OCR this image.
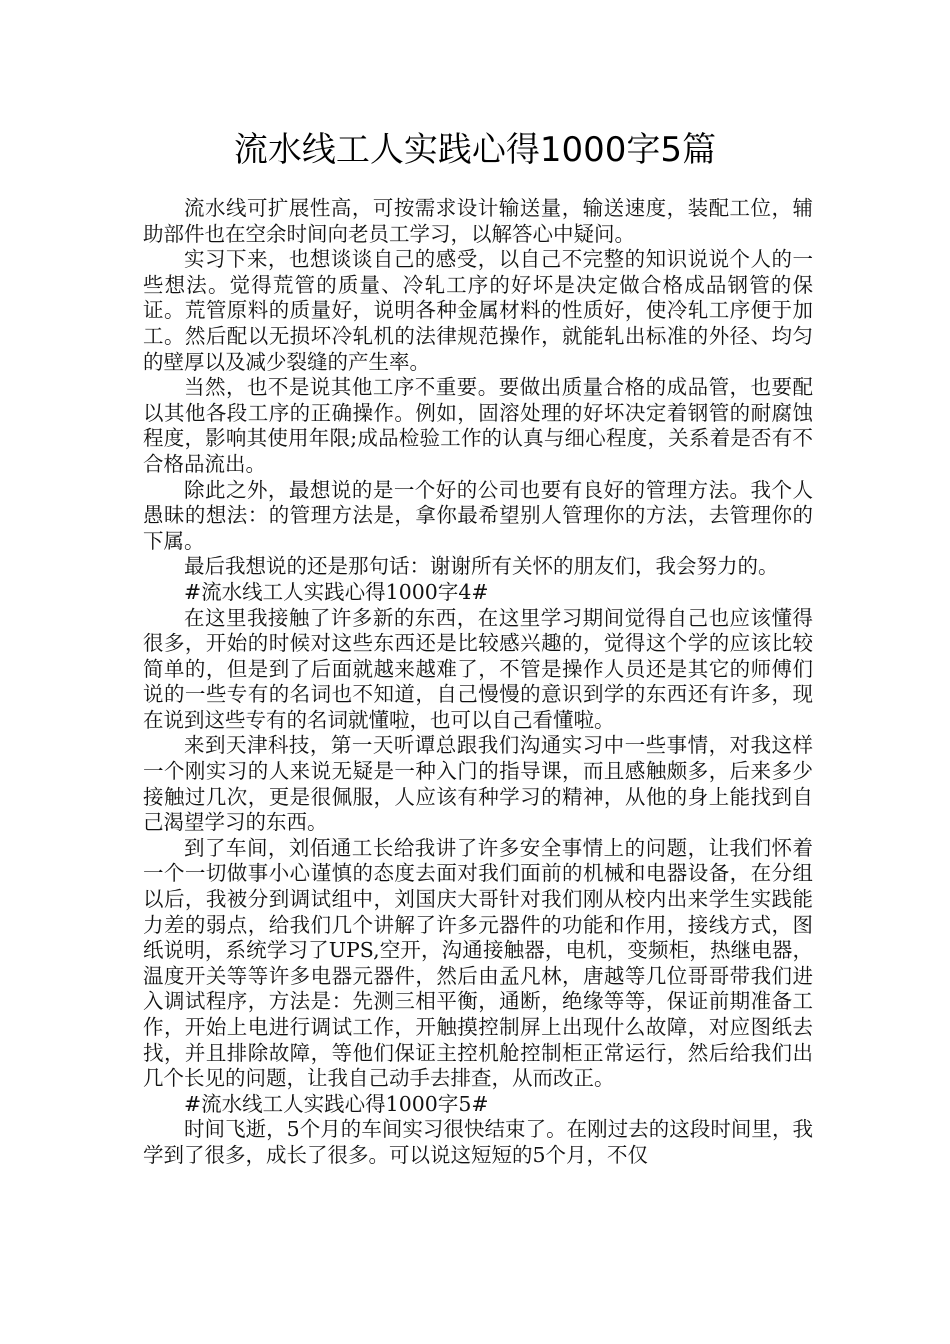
流水线工人实践心得1000字5篇

流水线可扩展性高，可按需求设计输送量，输送速度，装配工位，辅助部件也在空余时间向老员工学习，以解答心中疑问。

实习下来，也想谈谈自己的感受，以自己不完整的知识说说个人的一些想法。觉得荒管的质量、冷轧工序的好坏是决定做合格成品钢管的保证。荒管原料的质量好，说明各种金属材料的性质好，使冷轧工序便于加工。然后配以无损坏冷轧机的法律规范操作，就能轧出标准的外径、均匀的壁厚以及减少裂缝的产生率。

当然，也不是说其他工序不重要。要做出质量合格的成品管，也要配以其他各段工序的正确操作。例如，固溶处理的好坏决定着钢管的耐腐蚀程度，影响其使用年限;成品检验工作的认真与细心程度，关系着是否有不合格品流出。

除此之外，最想说的是一个好的公司也要有良好的管理方法。我个人愚昧的想法：的管理方法是，拿你最希望别人管理你的方法，去管理你的下属。

最后我想说的还是那句话：谢谢所有关怀的朋友们，我会努力的。

#流水线工人实践心得1000字4#

在这里我接触了许多新的东西，在这里学习期间觉得自己也应该懂得很多，开始的时候对这些东西还是比较感兴趣的，觉得这个学的应该比较简单的，但是到了后面就越来越难了，不管是操作人员还是其它的师傅们说的一些专有的名词也不知道，自己慢慢的意识到学的东西还有许多，现在说到这些专有的名词就懂啦，也可以自己看懂啦。

来到天津科技，第一天听谭总跟我们沟通实习中一些事情，对我这样一个刚实习的人来说无疑是一种入门的指导课，而且感触颇多，后来多少接触过几次，更是很佩服，人应该有种学习的精神，从他的身上能找到自己渴望学习的东西。

到了车间，刘佰通工长给我讲了许多安全事情上的问题，让我们怀着一个一切做事小心谨慎的态度去面对我们面前的机械和电器设备，在分组以后，我被分到调试组中，刘国庆大哥针对我们刚从校内出来学生实践能力差的弱点，给我们几个讲解了许多元器件的功能和作用，接线方式，图纸说明，系统学习了UPS,空开，沟通接触器，电机，变频柜，热继电器，温度开关等等许多电器元器件，然后由孟凡林，唐越等几位哥哥带我们进入调试程序，方法是：先测三相平衡，通断，绝缘等等，保证前期准备工作，开始上电进行调试工作，开触摸控制屏上出现什么故障，对应图纸去找，并且排除故障，等他们保证主控机舱控制柜正常运行，然后给我们出几个长见的问题，让我自己动手去排查，从而改正。

#流水线工人实践心得1000字5#

时间飞逝，5个月的车间实习很快结束了。在刚过去的这段时间里，我学到了很多，成长了很多。可以说这短短的5个月，不仅
